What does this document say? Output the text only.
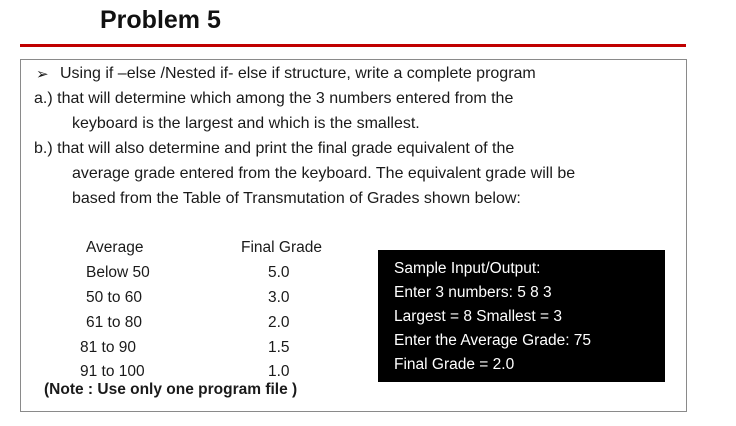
Problem 5
➢ Using if –else /Nested if- else if structure, write a complete program
a.) that will determine which among the 3 numbers entered from the
keyboard is the largest and which is the smallest.
b.) that will also determine and print the final grade equivalent of the
average grade entered from the keyboard. The equivalent grade will be
based from the Table of Transmutation of Grades shown below:
Average	Final Grade
Below 50	5.0
50 to 60	3.0
61 to 80	2.0
81 to 90	1.5
91 to 100	1.0
(Note : Use only one program file )
Sample Input/Output:
Enter 3 numbers: 5 8 3
Largest = 8 Smallest = 3
Enter the Average Grade: 75
Final Grade = 2.0
